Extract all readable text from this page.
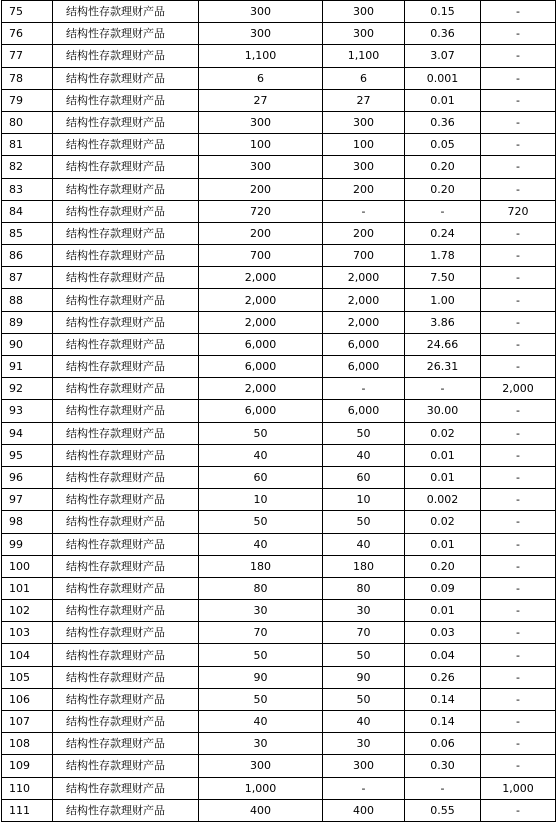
75	结构性存款理财产品	300	300	0.15	-
76	结构性存款理财产品	300	300	0.36	-
77	结构性存款理财产品	1,100	1,100	3.07	-
78	结构性存款理财产品	6	6	0.001	-
79	结构性存款理财产品	27	27	0.01	-
80	结构性存款理财产品	300	300	0.36	-
81	结构性存款理财产品	100	100	0.05	-
82	结构性存款理财产品	300	300	0.20	-
83	结构性存款理财产品	200	200	0.20	-
84	结构性存款理财产品	720	-	-	720
85	结构性存款理财产品	200	200	0.24	-
86	结构性存款理财产品	700	700	1.78	-
87	结构性存款理财产品	2,000	2,000	7.50	-
88	结构性存款理财产品	2,000	2,000	1.00	-
89	结构性存款理财产品	2,000	2,000	3.86	-
90	结构性存款理财产品	6,000	6,000	24.66	-
91	结构性存款理财产品	6,000	6,000	26.31	-
92	结构性存款理财产品	2,000	-	-	2,000
93	结构性存款理财产品	6,000	6,000	30.00	-
94	结构性存款理财产品	50	50	0.02	-
95	结构性存款理财产品	40	40	0.01	-
96	结构性存款理财产品	60	60	0.01	-
97	结构性存款理财产品	10	10	0.002	-
98	结构性存款理财产品	50	50	0.02	-
99	结构性存款理财产品	40	40	0.01	-
100	结构性存款理财产品	180	180	0.20	-
101	结构性存款理财产品	80	80	0.09	-
102	结构性存款理财产品	30	30	0.01	-
103	结构性存款理财产品	70	70	0.03	-
104	结构性存款理财产品	50	50	0.04	-
105	结构性存款理财产品	90	90	0.26	-
106	结构性存款理财产品	50	50	0.14	-
107	结构性存款理财产品	40	40	0.14	-
108	结构性存款理财产品	30	30	0.06	-
109	结构性存款理财产品	300	300	0.30	-
110	结构性存款理财产品	1,000	-	-	1,000
111	结构性存款理财产品	400	400	0.55	-
